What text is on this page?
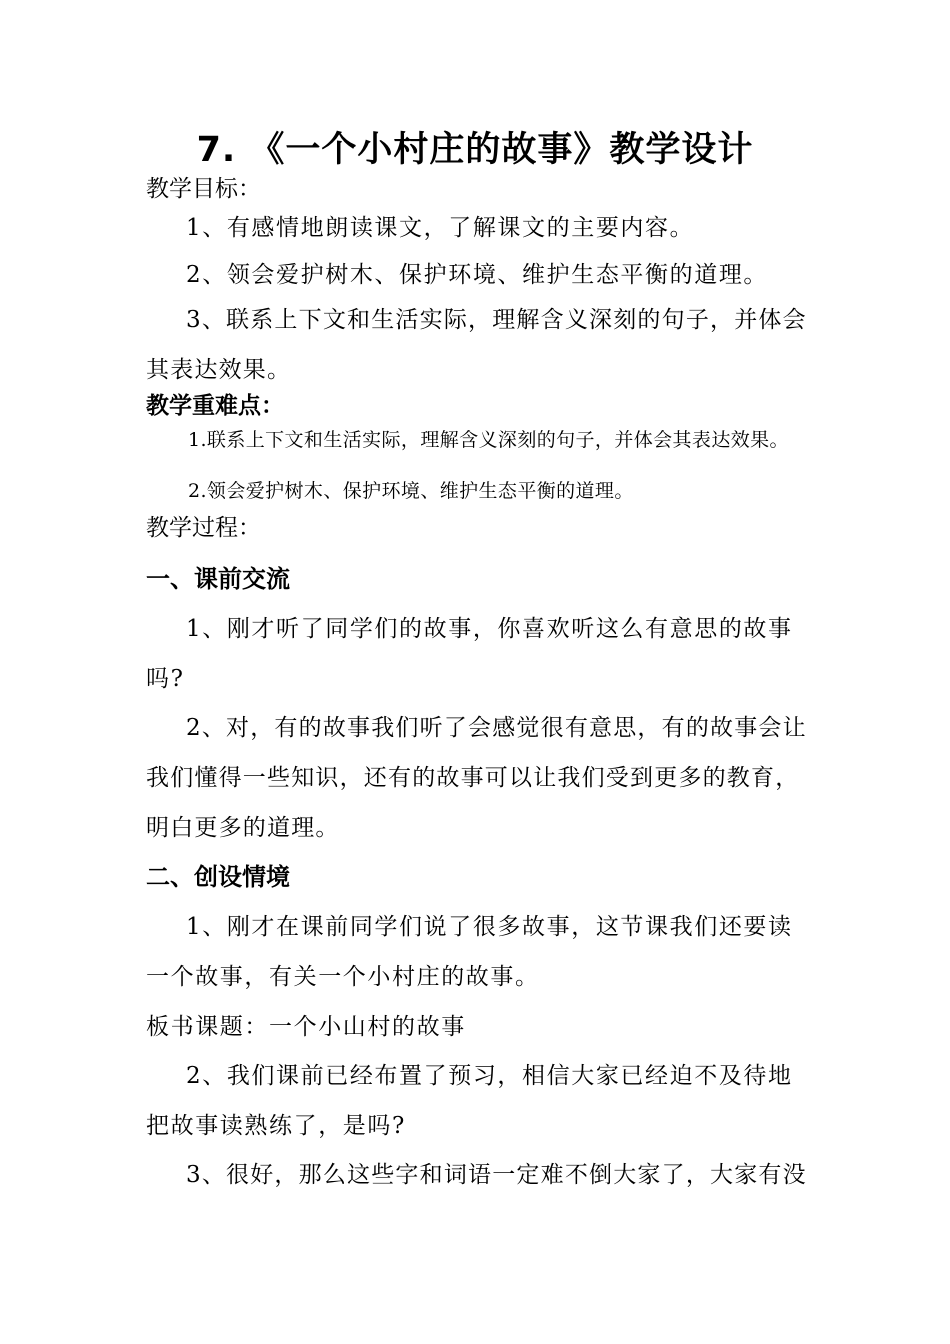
7. 《一个小村庄的故事》教学设计
教学目标：

1、有感情地朗读课文，了解课文的主要内容。

2、领会爱护树木、保护环境、维护生态平衡的道理。

3、联系上下文和生活实际，理解含义深刻的句子，并体会其表达效果。

教学重难点：

1.联系上下文和生活实际，理解含义深刻的句子，并体会其表达效果。

2.领会爱护树木、保护环境、维护生态平衡的道理。

教学过程：
一、课前交流

1、刚才听了同学们的故事，你喜欢听这么有意思的故事吗?

2、对，有的故事我们听了会感觉很有意思，有的故事会让我们懂得一些知识，还有的故事可以让我们受到更多的教育，明白更多的道理。

二、创设情境

1、刚才在课前同学们说了很多故事，这节课我们还要读一个故事，有关一个小村庄的故事。

板书课题：一个小山村的故事

2、我们课前已经布置了预习，相信大家已经迫不及待地把故事读熟练了，是吗?

3、很好，那么这些字和词语一定难不倒大家了，大家有没
